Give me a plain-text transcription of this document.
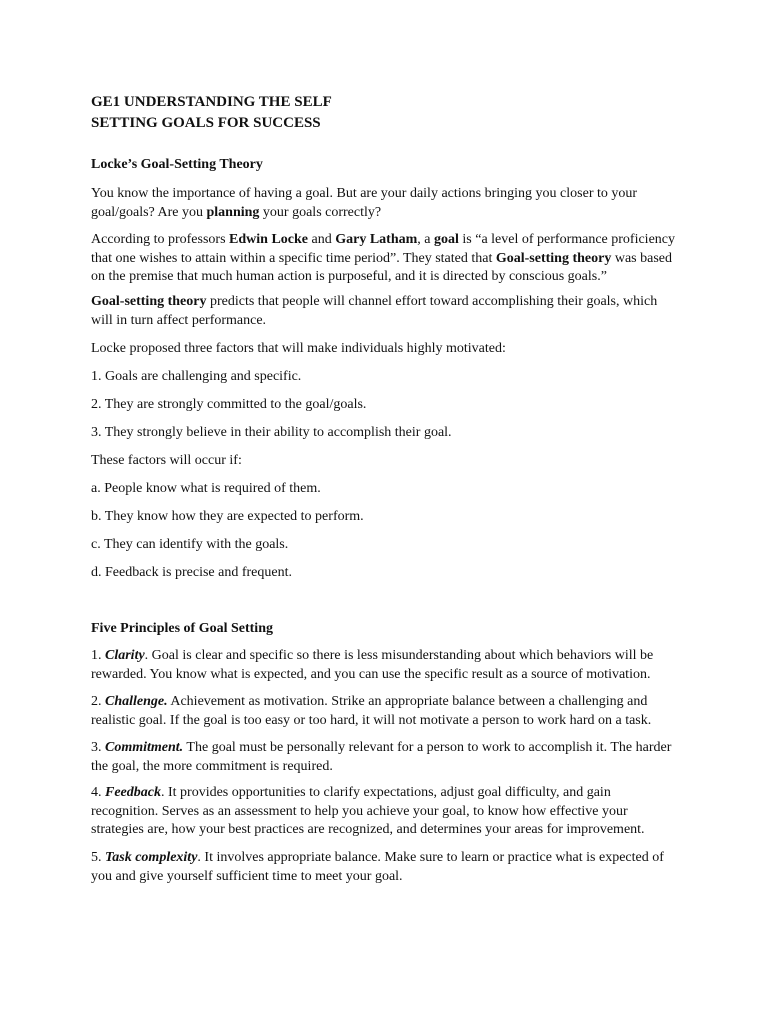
GE1 UNDERSTANDING THE SELF
SETTING GOALS FOR SUCCESS
Locke’s Goal-Setting Theory

You know the importance of having a goal. But are your daily actions bringing you closer to your goal/goals? Are you planning your goals correctly?

According to professors Edwin Locke and Gary Latham, a goal is “a level of performance proficiency that one wishes to attain within a specific time period”. They stated that Goal-setting theory was based on the premise that much human action is purposeful, and it is directed by conscious goals.”

Goal-setting theory predicts that people will channel effort toward accomplishing their goals, which will in turn affect performance.

Locke proposed three factors that will make individuals highly motivated:

1. Goals are challenging and specific.

2. They are strongly committed to the goal/goals.

3. They strongly believe in their ability to accomplish their goal.

These factors will occur if:

a. People know what is required of them.

b. They know how they are expected to perform.

c. They can identify with the goals.

d. Feedback is precise and frequent.

Five Principles of Goal Setting

1. Clarity. Goal is clear and specific so there is less misunderstanding about which behaviors will be rewarded. You know what is expected, and you can use the specific result as a source of motivation.

2. Challenge. Achievement as motivation. Strike an appropriate balance between a challenging and realistic goal. If the goal is too easy or too hard, it will not motivate a person to work hard on a task.

3. Commitment. The goal must be personally relevant for a person to work to accomplish it. The harder the goal, the more commitment is required.

4. Feedback. It provides opportunities to clarify expectations, adjust goal difficulty, and gain recognition. Serves as an assessment to help you achieve your goal, to know how effective your strategies are, how your best practices are recognized, and determines your areas for improvement.

5. Task complexity. It involves appropriate balance. Make sure to learn or practice what is expected of you and give yourself sufficient time to meet your goal.
